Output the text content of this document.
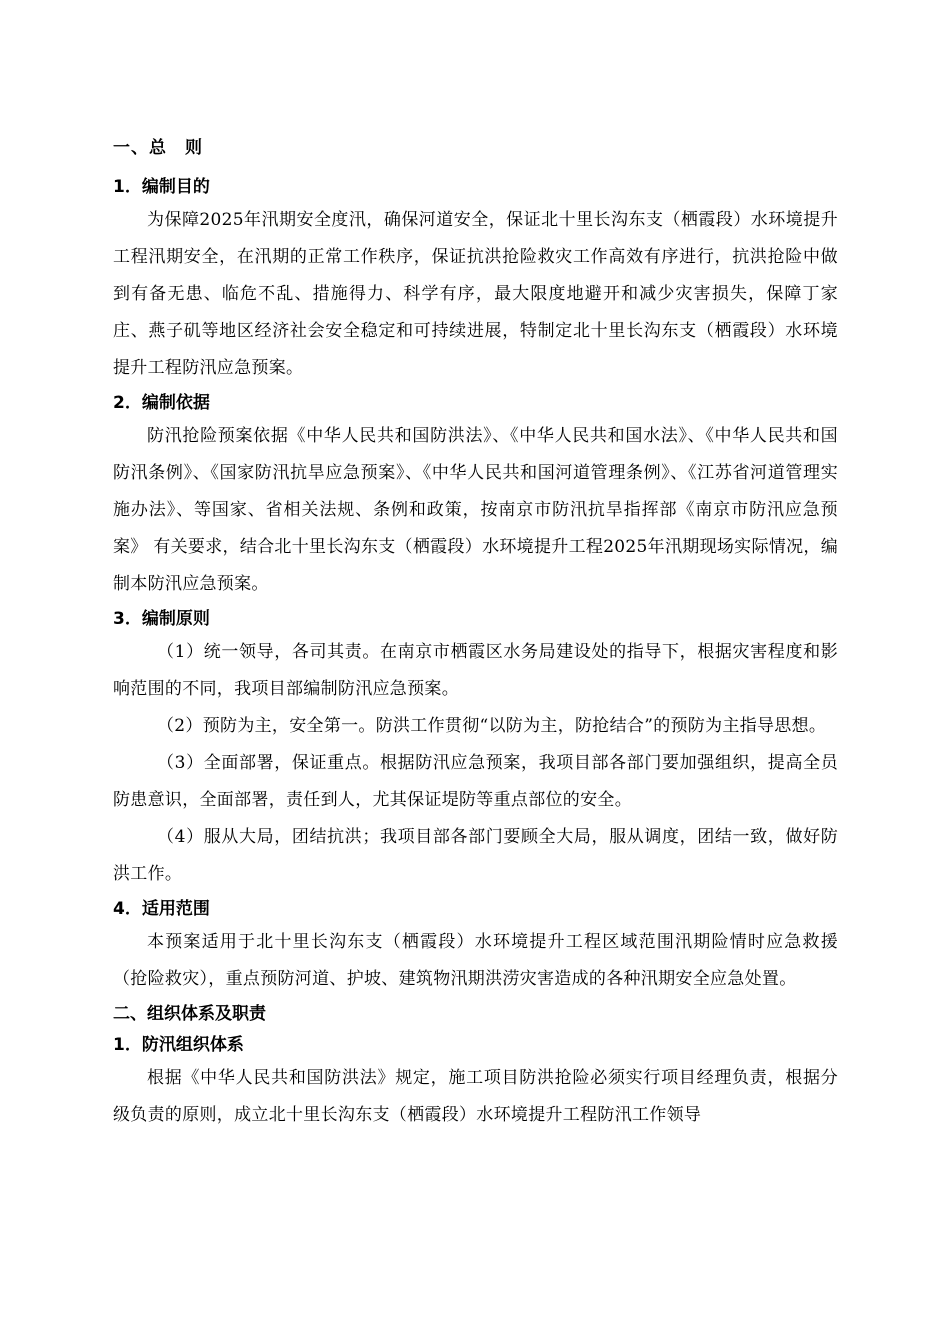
一、总　则
1．编制目的

为保障2025年汛期安全度汛，确保河道安全，保证北十里长沟东支（栖霞段）水环境提升工程汛期安全，在汛期的正常工作秩序，保证抗洪抢险救灾工作高效有序进行，抗洪抢险中做到有备无患、临危不乱、措施得力、科学有序，最大限度地避开和减少灾害损失，保障丁家庄、燕子矶等地区经济社会安全稳定和可持续进展，特制定北十里长沟东支（栖霞段）水环境提升工程防汛应急预案。

2．编制依据

防汛抢险预案依据《中华人民共和国防洪法》、《中华人民共和国水法》、《中华人民共和国防汛条例》、《国家防汛抗旱应急预案》、《中华人民共和国河道管理条例》、《江苏省河道管理实施办法》、等国家、省相关法规、条例和政策，按南京市防汛抗旱指挥部《南京市防汛应急预案》 有关要求，结合北十里长沟东支（栖霞段）水环境提升工程2025年汛期现场实际情况，编制本防汛应急预案。

3．编制原则

（1）统一领导，各司其责。在南京市栖霞区水务局建设处的指导下，根据灾害程度和影响范围的不同，我项目部编制防汛应急预案。

（2）预防为主，安全第一。防洪工作贯彻“以防为主，防抢结合”的预防为主指导思想。

（3）全面部署，保证重点。根据防汛应急预案，我项目部各部门要加强组织，提高全员防患意识，全面部署，责任到人，尤其保证堤防等重点部位的安全。

（4）服从大局，团结抗洪；我项目部各部门要顾全大局，服从调度，团结一致，做好防洪工作。

4．适用范围

本预案适用于北十里长沟东支（栖霞段）水环境提升工程区域范围汛期险情时应急救援（抢险救灾），重点预防河道、护坡、建筑物汛期洪涝灾害造成的各种汛期安全应急处置。

二、组织体系及职责
1．防汛组织体系

根据《中华人民共和国防洪法》规定，施工项目防洪抢险必须实行项目经理负责，根据分级负责的原则，成立北十里长沟东支（栖霞段）水环境提升工程防汛工作领导
